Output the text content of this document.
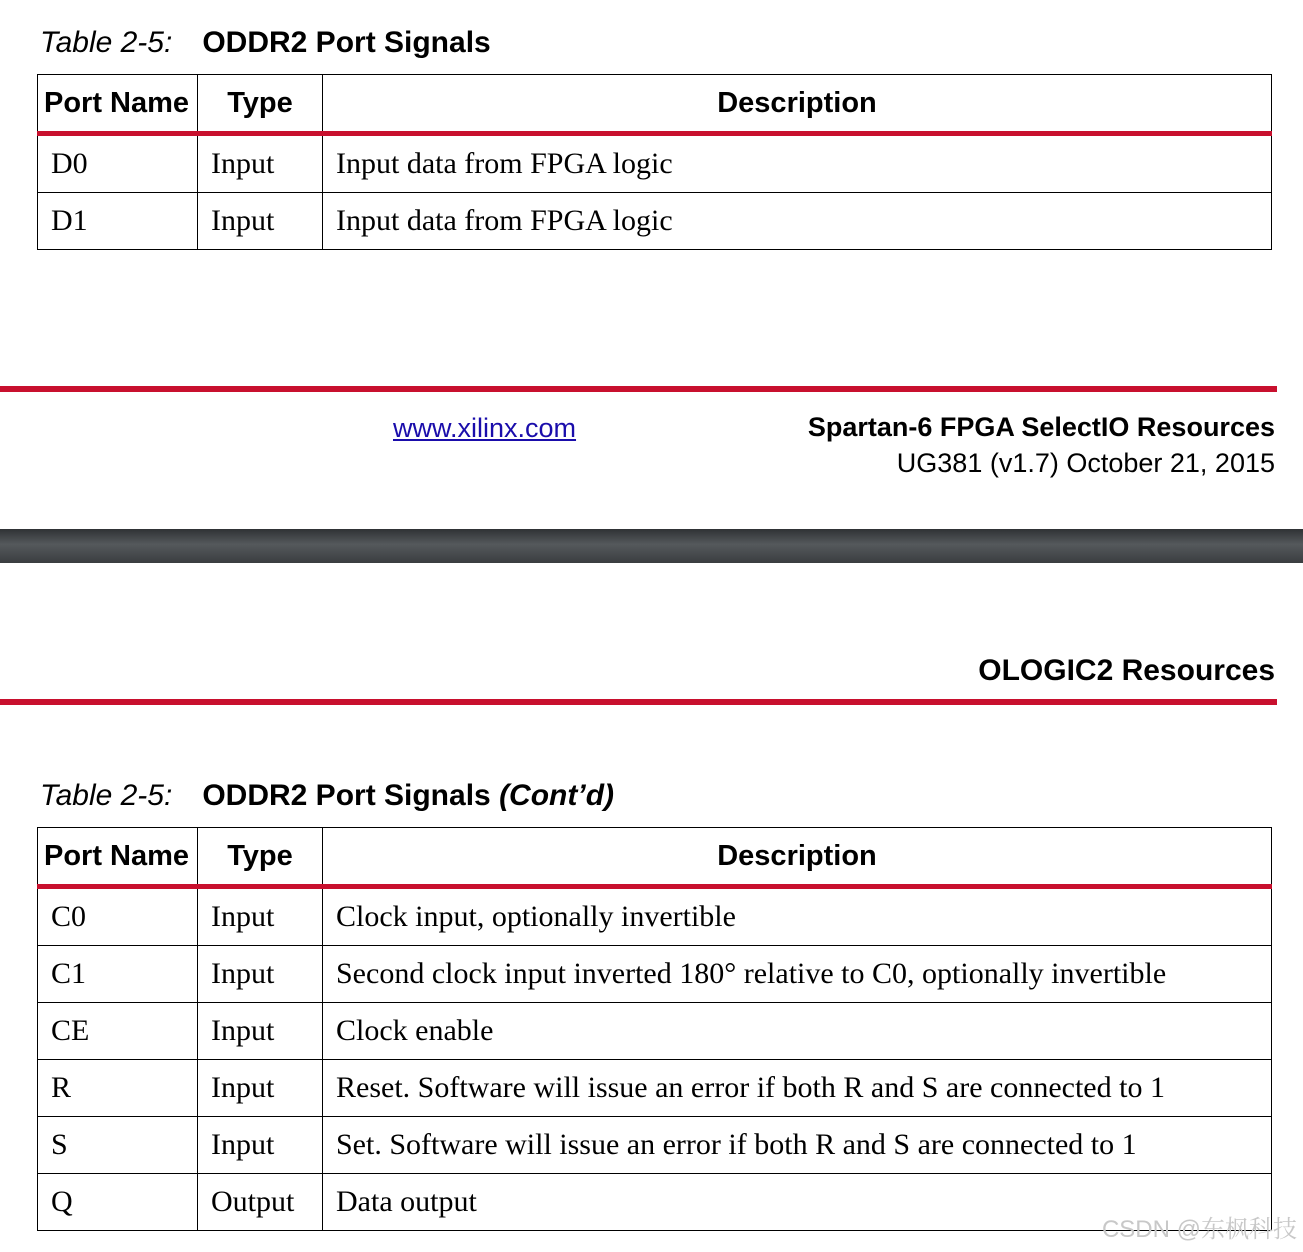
Table 2-5: ODDR2 Port Signals
Port Name	Type	Description
D0	Input	Input data from FPGA logic
D1	Input	Input data from FPGA logic
www.xilinx.com	Spartan-6 FPGA SelectIO Resources
UG381 (v1.7) October 21, 2015
OLOGIC2 Resources
Table 2-5: ODDR2 Port Signals (Cont’d)
Port Name	Type	Description
C0	Input	Clock input, optionally invertible
C1	Input	Second clock input inverted 180° relative to C0, optionally invertible
CE	Input	Clock enable
R	Input	Reset. Software will issue an error if both R and S are connected to 1
S	Input	Set. Software will issue an error if both R and S are connected to 1
Q	Output	Data output
CSDN @东枫科技
